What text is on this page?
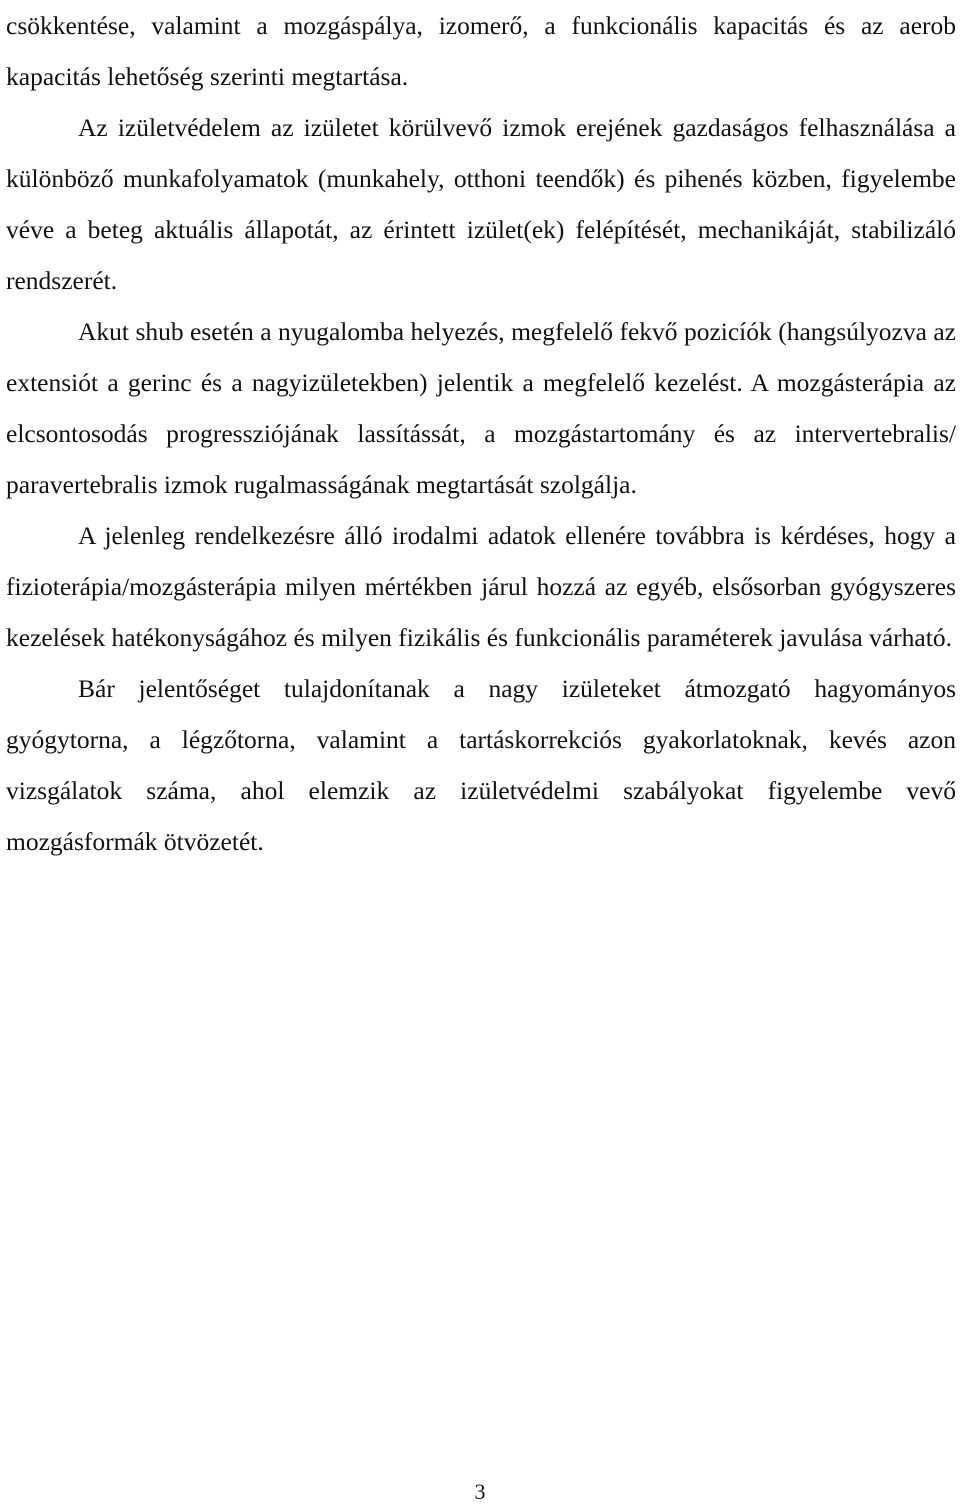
csökkentése, valamint a mozgáspálya, izomerő, a funkcionális kapacitás és az aerob kapacitás lehetőség szerinti megtartása.

Az izületvédelem az izületet körülvevő izmok erejének gazdaságos felhasználása a különböző munkafolyamatok (munkahely, otthoni teendők) és pihenés közben, figyelembe véve a beteg aktuális állapotát, az érintett izület(ek) felépítését, mechanikáját, stabilizáló rendszerét.

Akut shub esetén a nyugalomba helyezés, megfelelő fekvő pozicíók (hangsúlyozva az extensiót a gerinc és a nagyizületekben) jelentik a megfelelő kezelést. A mozgásterápia az elcsontosodás progressziójának lassítássát, a mozgástartomány és az intervertebralis/ paravertebralis izmok rugalmasságának megtartását szolgálja.

A jelenleg rendelkezésre álló irodalmi adatok ellenére továbbra is kérdéses, hogy a fizioterápia/mozgásterápia milyen mértékben járul hozzá az egyéb, elsősorban gyógyszeres kezelések hatékonyságához és milyen fizikális és funkcionális paraméterek javulása várható.

Bár jelentőséget tulajdonítanak a nagy izületeket átmozgató hagyományos gyógytorna, a légzőtorna, valamint a tartáskorrekciós gyakorlatoknak, kevés azon vizsgálatok száma, ahol elemzik az izületvédelmi szabályokat figyelembe vevő mozgásformák ötvözetét.

3
